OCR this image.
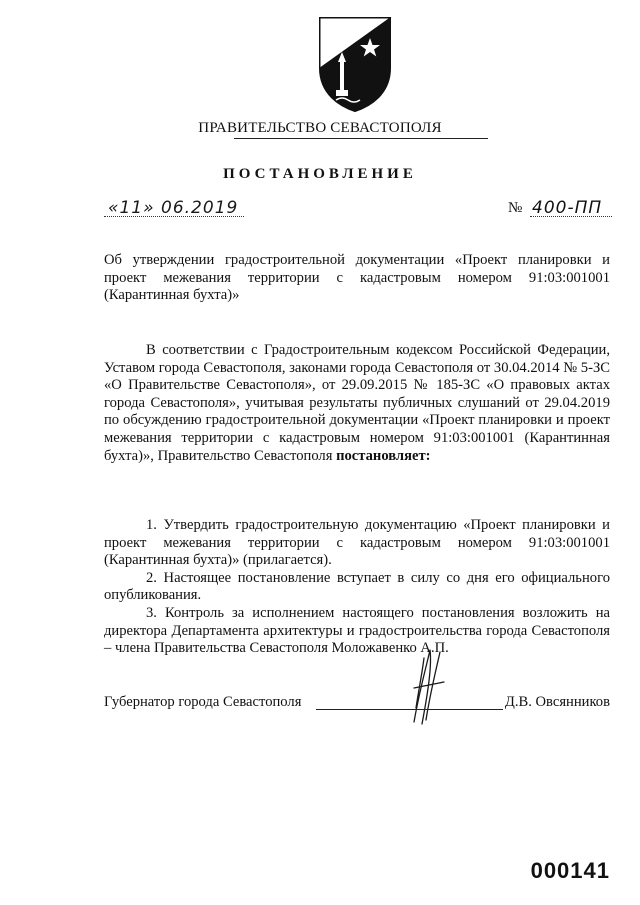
ПРАВИТЕЛЬСТВО СЕВАСТОПОЛЯ
ПОСТАНОВЛЕНИЕ
«11» 06.2019	№ 400-ПП

Об утверждении градостроительной документации «Проект планировки и проект межевания территории с кадастровым номером 91:03:001001 (Карантинная бухта)»

В соответствии с Градостроительным кодексом Российской Федерации, Уставом города Севастополя, законами города Севастополя от 30.04.2014 № 5-ЗС «О Правительстве Севастополя», от 29.09.2015 № 185-ЗС «О правовых актах города Севастополя», учитывая результаты публичных слушаний от 29.04.2019 по обсуждению градостроительной документации «Проект планировки и проект межевания территории с кадастровым номером 91:03:001001 (Карантинная бухта)», Правительство Севастополя постановляет:

1. Утвердить градостроительную документацию «Проект планировки и проект межевания территории с кадастровым номером 91:03:001001 (Карантинная бухта)» (прилагается).

2. Настоящее постановление вступает в силу со дня его официального опубликования.

3. Контроль за исполнением настоящего постановления возложить на директора Департамента архитектуры и градостроительства города Севастополя – члена Правительства Севастополя Моложавенко А.П.

Губернатор города Севастополя	Д.В. Овсянников
000141
